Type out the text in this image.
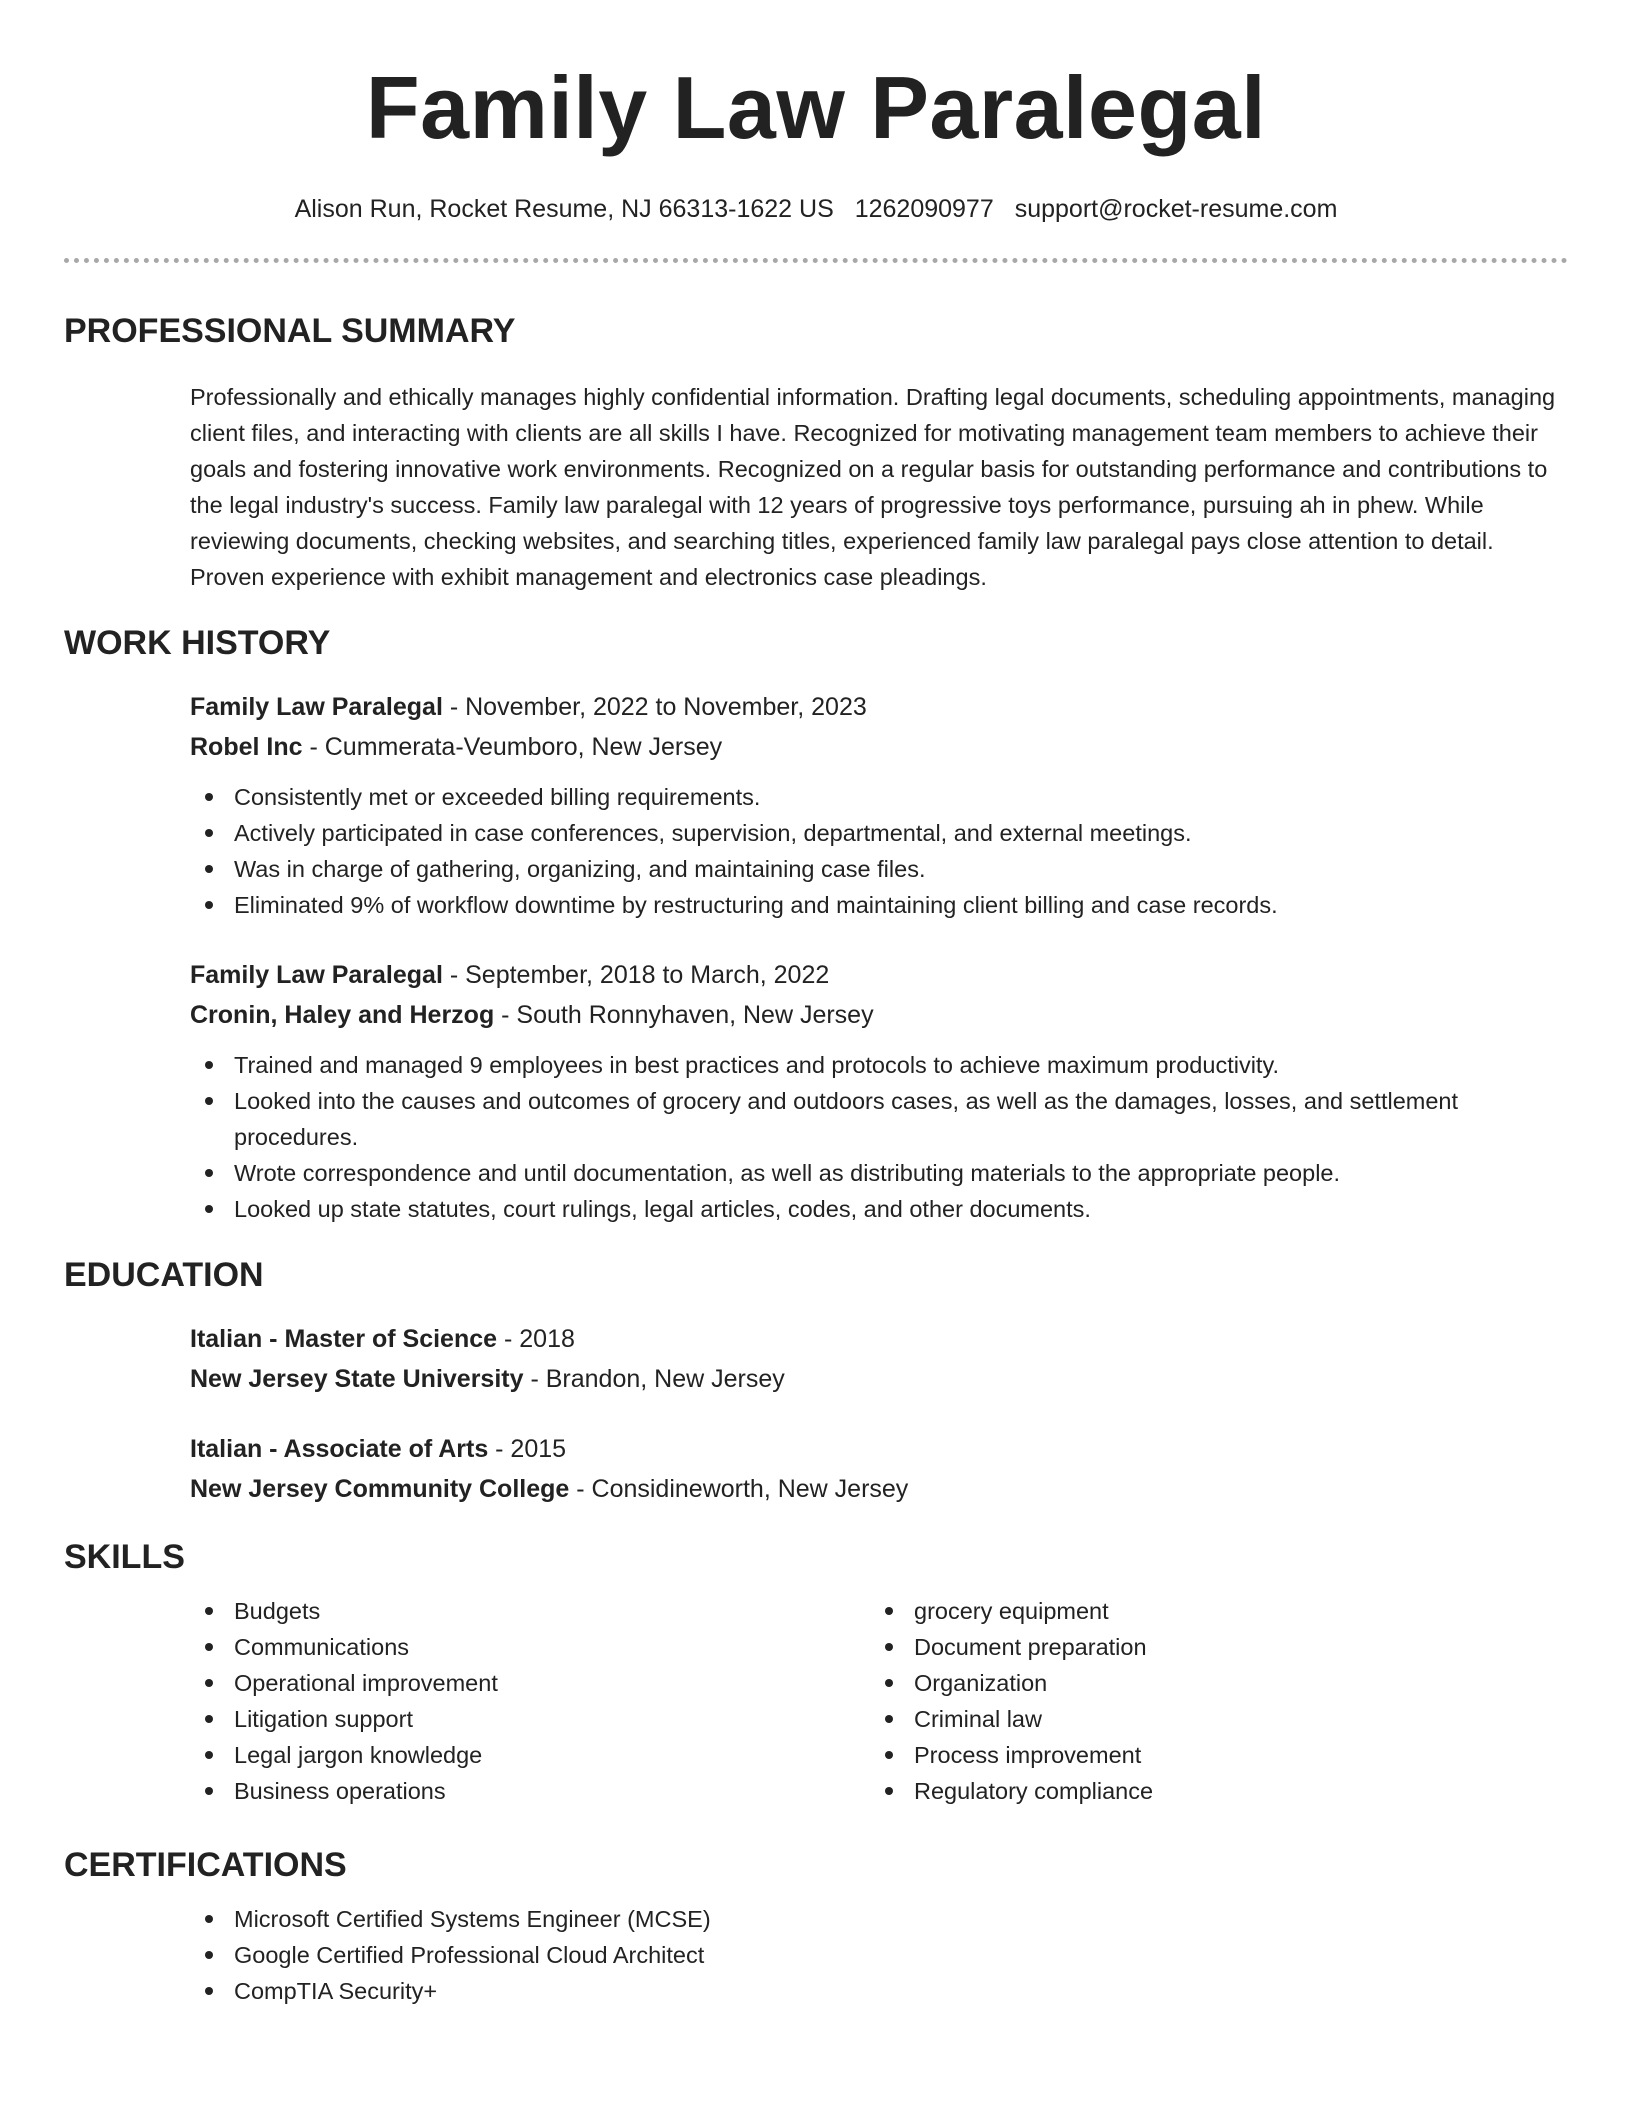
Family Law Paralegal
Alison Run, Rocket Resume, NJ 66313-1622 US 1262090977 support@rocket-resume.com
PROFESSIONAL SUMMARY

Professionally and ethically manages highly confidential information. Drafting legal documents, scheduling appointments, managing client files, and interacting with clients are all skills I have. Recognized for motivating management team members to achieve their goals and fostering innovative work environments. Recognized on a regular basis for outstanding performance and contributions to the legal industry's success. Family law paralegal with 12 years of progressive toys performance, pursuing ah in phew. While reviewing documents, checking websites, and searching titles, experienced family law paralegal pays close attention to detail. Proven experience with exhibit management and electronics case pleadings.

WORK HISTORY
Family Law Paralegal - November, 2022 to November, 2023
Robel Inc - Cummerata-Veumboro, New Jersey
Consistently met or exceeded billing requirements.
Actively participated in case conferences, supervision, departmental, and external meetings.
Was in charge of gathering, organizing, and maintaining case files.
Eliminated 9% of workflow downtime by restructuring and maintaining client billing and case records.
Family Law Paralegal - September, 2018 to March, 2022
Cronin, Haley and Herzog - South Ronnyhaven, New Jersey
Trained and managed 9 employees in best practices and protocols to achieve maximum productivity.
Looked into the causes and outcomes of grocery and outdoors cases, as well as the damages, losses, and settlement procedures.
Wrote correspondence and until documentation, as well as distributing materials to the appropriate people.
Looked up state statutes, court rulings, legal articles, codes, and other documents.
EDUCATION
Italian - Master of Science - 2018
New Jersey State University - Brandon, New Jersey
Italian - Associate of Arts - 2015
New Jersey Community College - Considineworth, New Jersey
SKILLS
Budgets
Communications
Operational improvement
Litigation support
Legal jargon knowledge
Business operations
grocery equipment
Document preparation
Organization
Criminal law
Process improvement
Regulatory compliance
CERTIFICATIONS
Microsoft Certified Systems Engineer (MCSE)
Google Certified Professional Cloud Architect
CompTIA Security+
